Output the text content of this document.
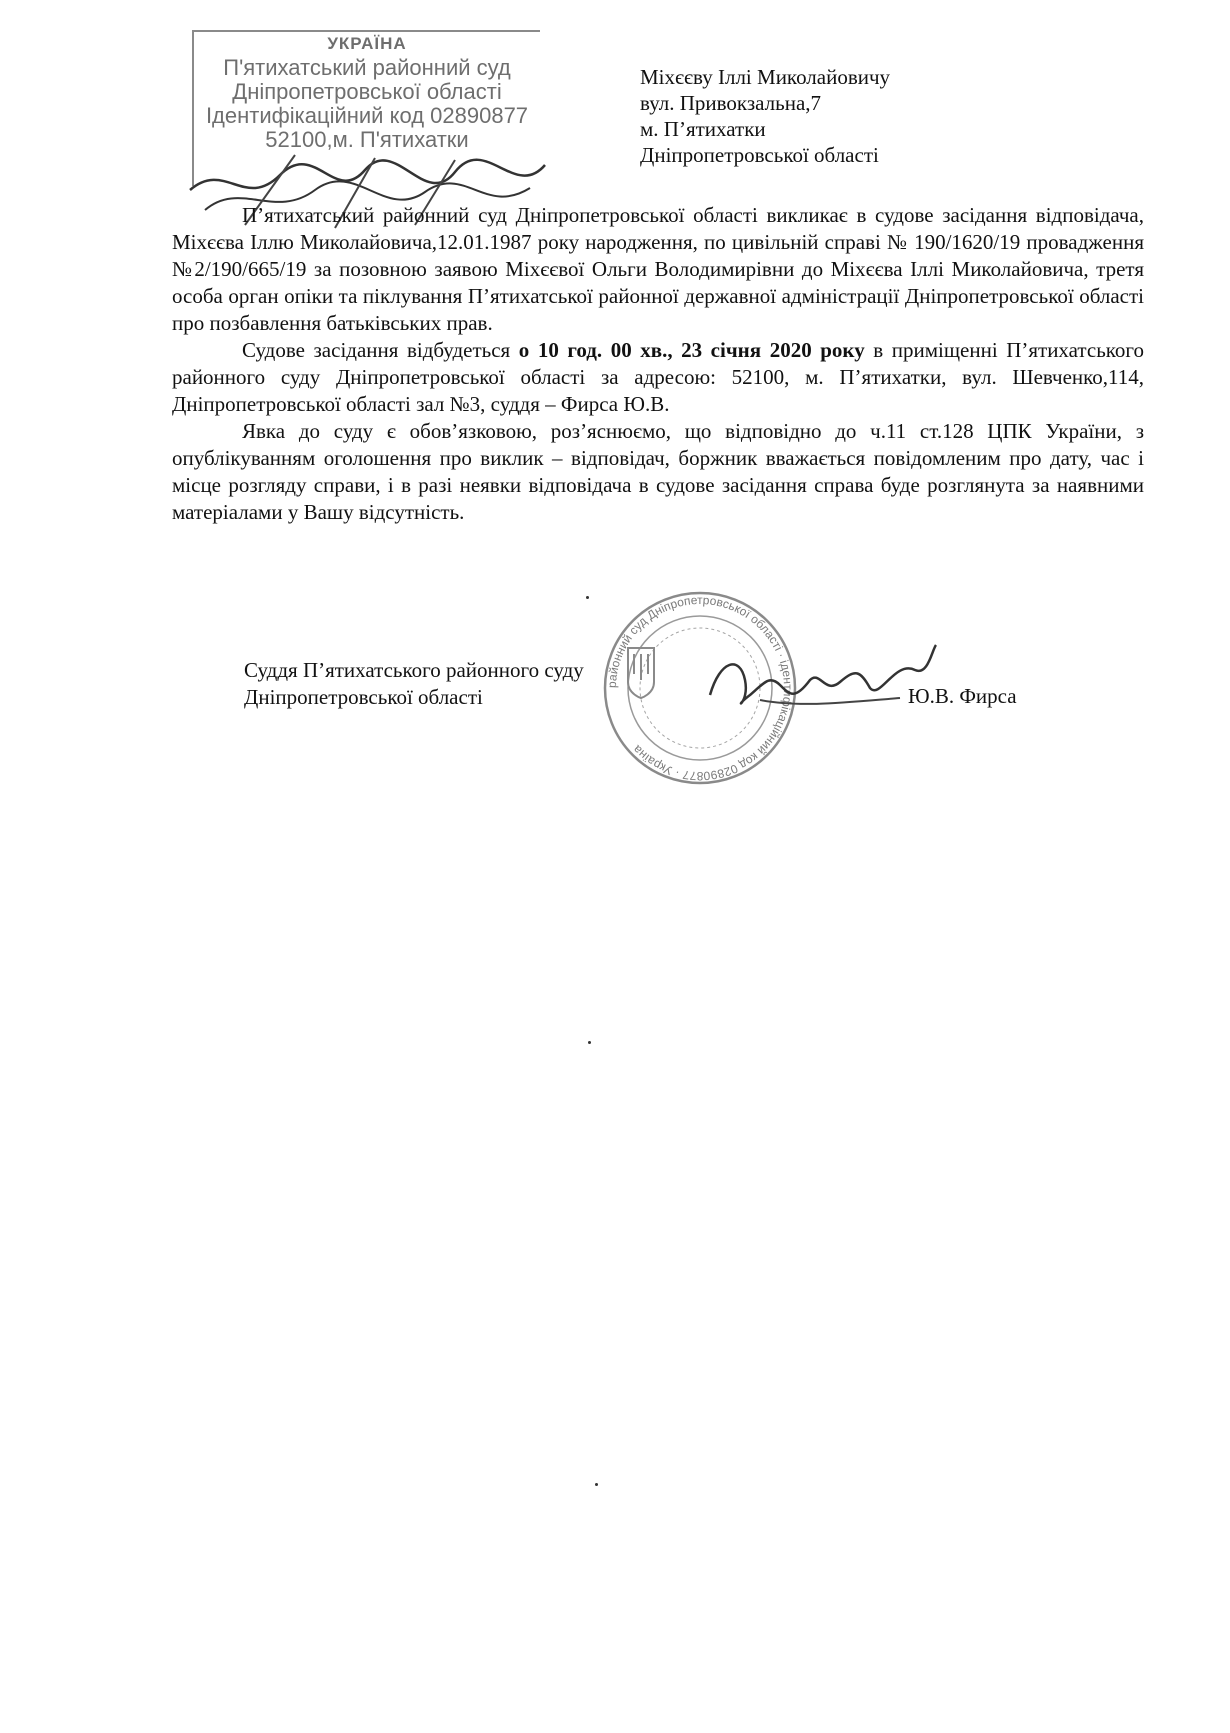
УКРАЇНА
П'ятихатський районний суд
Дніпропетровської області
Ідентифікаційний код 02890877
52100,м. П'ятихатки
Міхєєву Іллі Миколайовичу
вул. Привокзальна,7
м. П’ятихатки
Дніпропетровської області

П’ятихатський районний суд Дніпропетровської області викликає в судове засідання відповідача, Міхєєва Іллю Миколайовича,12.01.1987 року народження, по цивільній справі № 190/1620/19 провадження №2/190/665/19 за позовною заявою Міхєєвої Ольги Володимирівни до Міхєєва Іллі Миколайовича, третя особа орган опіки та піклування П’ятихатської районної державної адміністрації Дніпропетровської області про позбавлення батьківських прав.

Судове засідання відбудеться о 10 год. 00 хв., 23 січня 2020 року в приміщенні П’ятихатського районного суду Дніпропетровської області за адресою: 52100, м. П’ятихатки, вул. Шевченко,114, Дніпропетровської області зал №3, суддя – Фирса Ю.В.

Явка до суду є обов’язковою, роз’яснюємо, що відповідно до ч.11 ст.128 ЦПК України, з опублікуванням оголошення про виклик – відповідач, боржник вважається повідомленим про дату, час і місце розгляду справи, і в разі неявки відповідача в судове засідання справа буде розглянута за наявними матеріалами у Вашу відсутність.

районний суд Дніпропетровської області · ідентифікаційний код 02890877 · Україна
Суддя П’ятихатського районного суду
Дніпропетровської області	Ю.В. Фирса
